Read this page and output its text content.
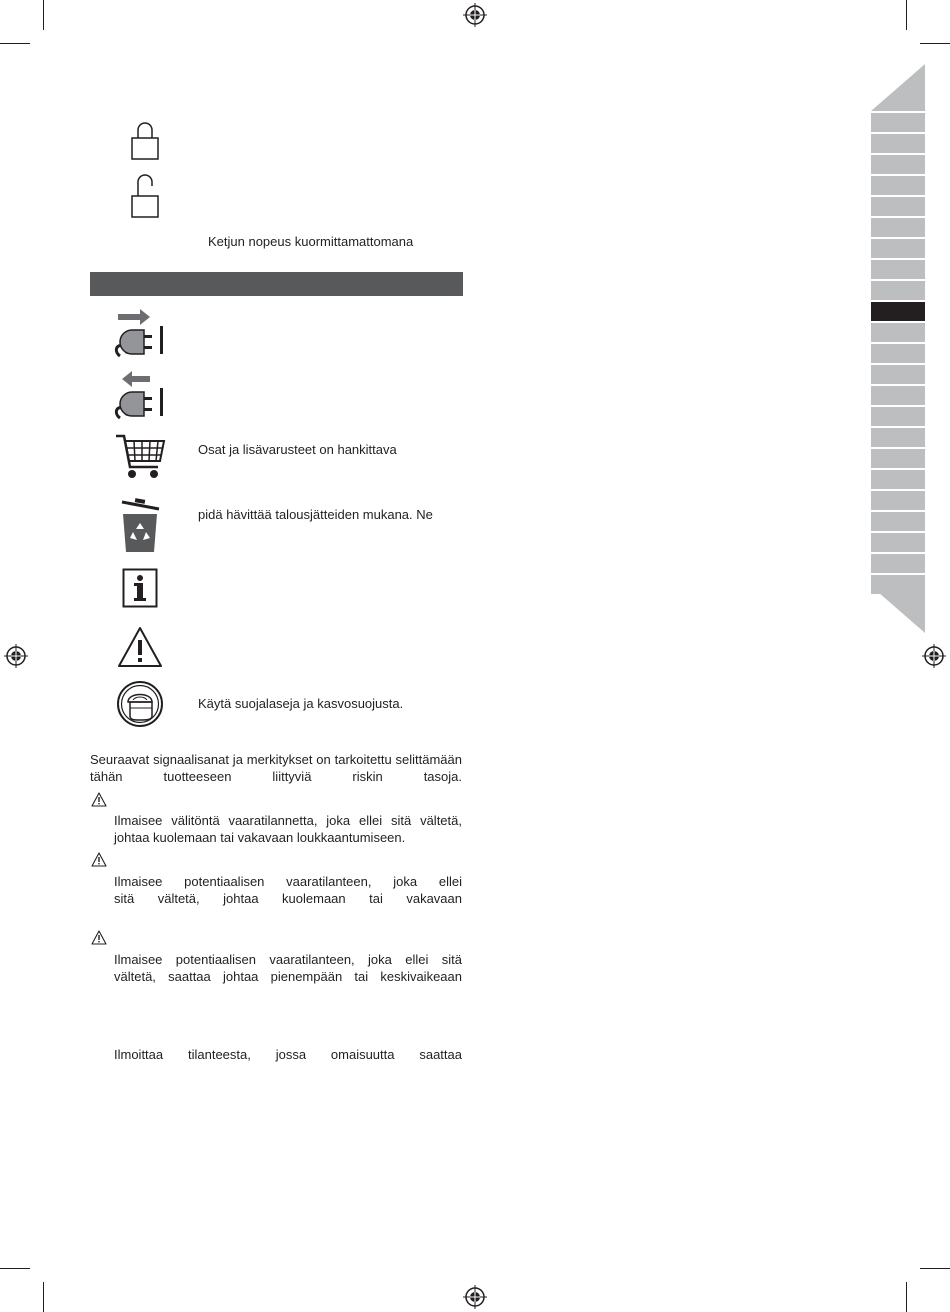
Ketjun nopeus kuormittamattomana
Osat ja lisävarusteet on hankittava
pidä hävittää talousjätteiden mukana. Ne
Käytä suojalaseja ja kasvosuojusta.
Seuraavat signaalisanat ja merkitykset on tarkoitettu selittämään tähän tuotteeseen liittyviä riskin tasoja.
Ilmaisee välitöntä vaaratilannetta, joka ellei sitä vältetä,
johtaa kuolemaan tai vakavaan loukkaantumiseen.
Ilmaisee potentiaalisen vaaratilanteen, joka ellei
sitä vältetä, johtaa kuolemaan tai vakavaan
Ilmaisee potentiaalisen vaaratilanteen, joka ellei sitä
vältetä, saattaa johtaa pienempään tai keskivaikeaan
Ilmoittaa tilanteesta, jossa omaisuutta saattaa
